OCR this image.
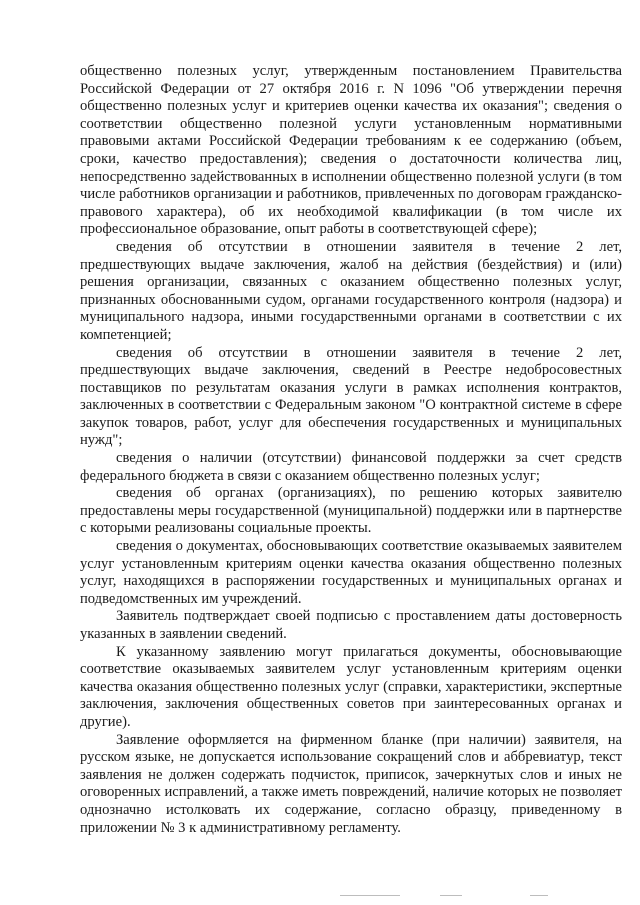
общественно полезных услуг, утвержденным постановлением Правительства Российской Федерации от 27 октября 2016 г. N 1096 "Об утверждении перечня общественно полезных услуг и критериев оценки качества их оказания"; сведения о соответствии общественно полезной услуги установленным нормативными правовыми актами Российской Федерации требованиям к ее содержанию (объем, сроки, качество предоставления); сведения о достаточности количества лиц, непосредственно задействованных в исполнении общественно полезной услуги (в том числе работников организации и работников, привлеченных по договорам гражданско-правового характера), об их необходимой квалификации (в том числе их профессиональное образование, опыт работы в соответствующей сфере);

сведения об отсутствии в отношении заявителя в течение 2 лет, предшествующих выдаче заключения, жалоб на действия (бездействия) и (или) решения организации, связанных с оказанием общественно полезных услуг, признанных обоснованными судом, органами государственного контроля (надзора) и муниципального надзора, иными государственными органами в соответствии с их компетенцией;

сведения об отсутствии в отношении заявителя в течение 2 лет, предшествующих выдаче заключения, сведений в Реестре недобросовестных поставщиков по результатам оказания услуги в рамках исполнения контрактов, заключенных в соответствии с Федеральным законом "О контрактной системе в сфере закупок товаров, работ, услуг для обеспечения государственных и муниципальных нужд";

сведения о наличии (отсутствии) финансовой поддержки за счет средств федерального бюджета в связи с оказанием общественно полезных услуг;

сведения об органах (организациях), по решению которых заявителю предоставлены меры государственной (муниципальной) поддержки или в партнерстве с которыми реализованы социальные проекты.

сведения о документах, обосновывающих соответствие оказываемых заявителем услуг установленным критериям оценки качества оказания общественно полезных услуг, находящихся в распоряжении государственных и муниципальных органах и подведомственных им учреждений.

Заявитель подтверждает своей подписью с проставлением даты достоверность указанных в заявлении сведений.

К указанному заявлению могут прилагаться документы, обосновывающие соответствие оказываемых заявителем услуг установленным критериям оценки качества оказания общественно полезных услуг (справки, характеристики, экспертные заключения, заключения общественных советов при заинтересованных органах и другие).

Заявление оформляется на фирменном бланке (при наличии) заявителя, на русском языке, не допускается использование сокращений слов и аббревиатур, текст заявления не должен содержать подчисток, приписок, зачеркнутых слов и иных не оговоренных исправлений, а также иметь повреждений, наличие которых не позволяет однозначно истолковать их содержание, согласно образцу, приведенному в приложении № 3 к административному регламенту.
